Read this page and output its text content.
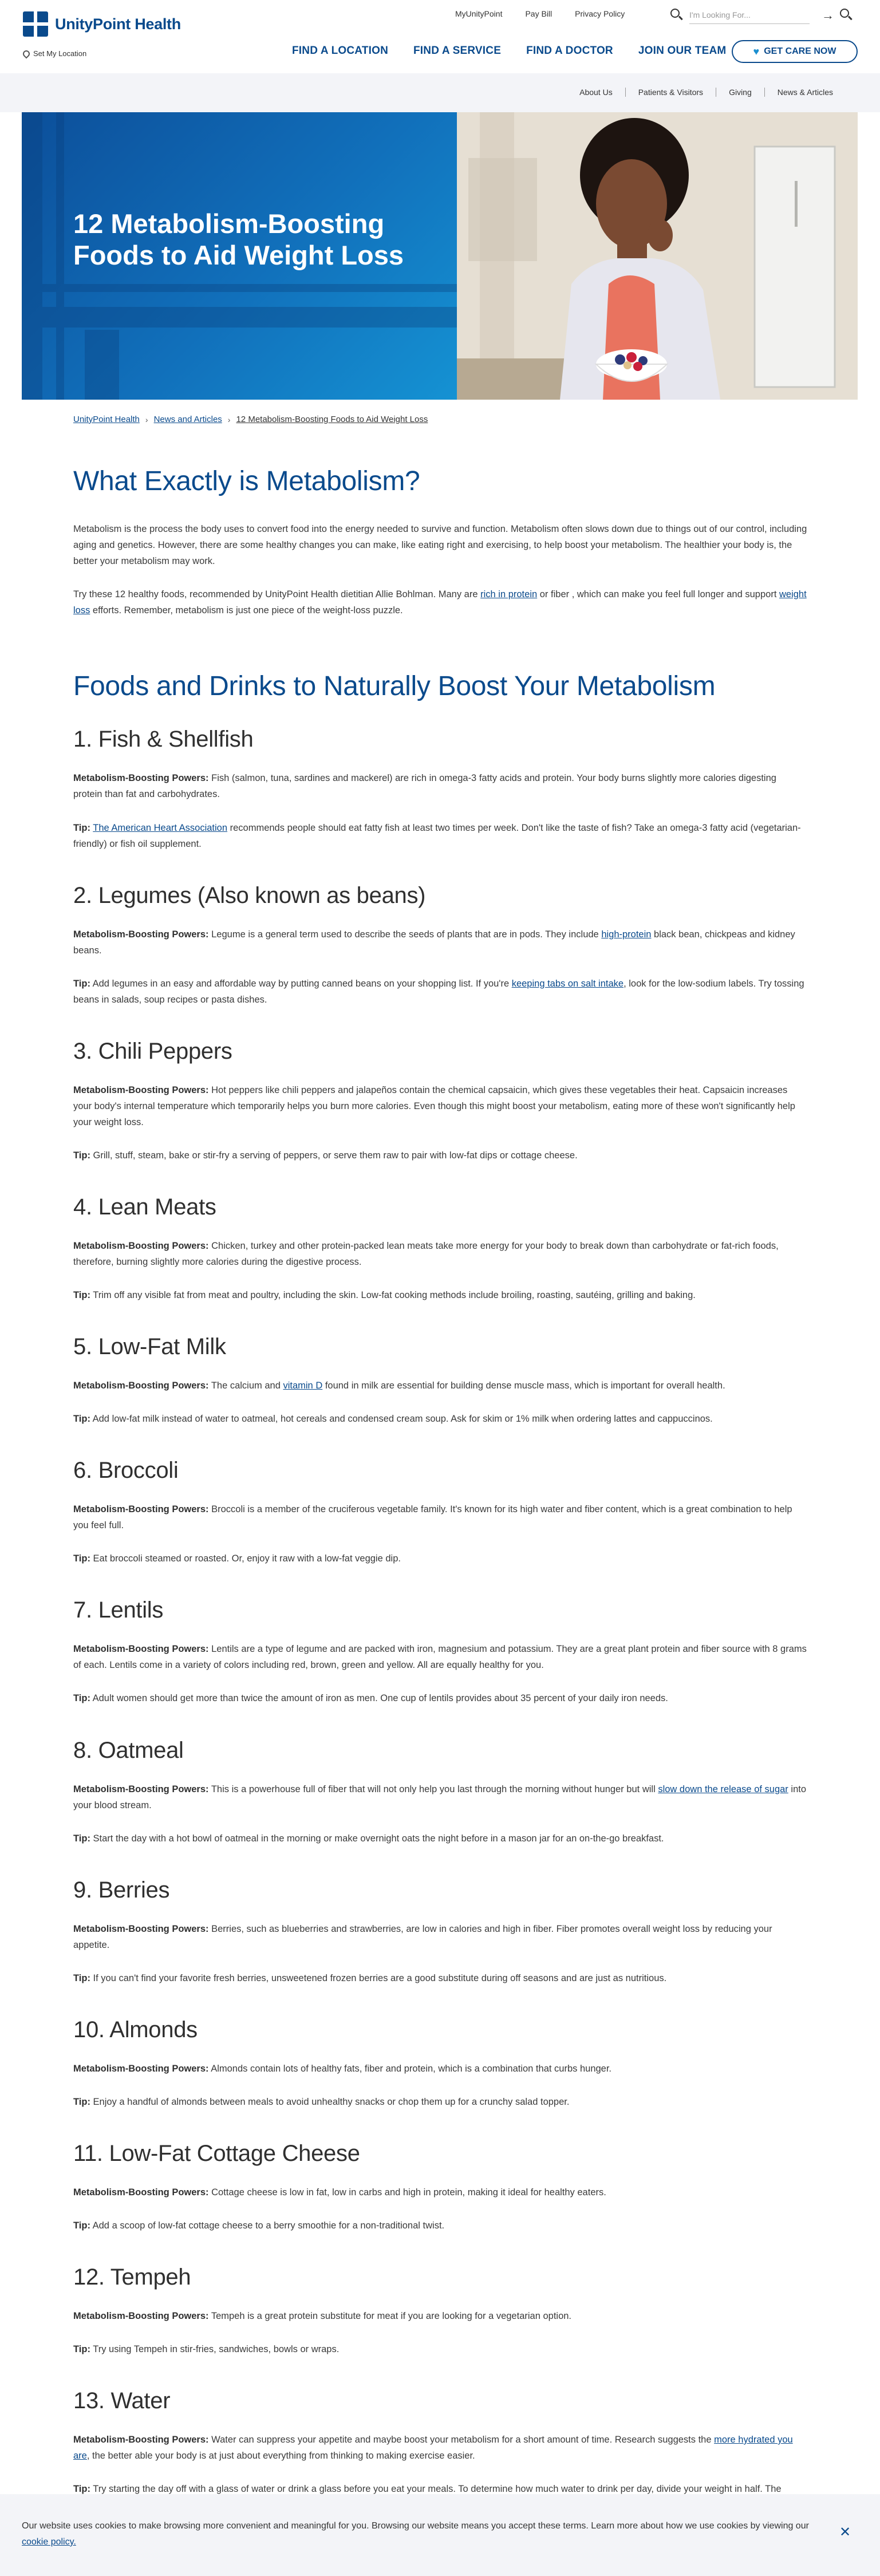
UnityPoint Health
MyUnityPoint	Pay Bill	Privacy Policy
I'm Looking For...	→
Set My Location	FIND A LOCATION FIND A SERVICE FIND A DOCTOR JOIN OUR TEAM	♥ GET CARE NOW
About Us	Patients & Visitors	Giving	News & Articles
12 Metabolism-Boosting Foods to Aid Weight Loss
UnityPoint Health › News and Articles › 12 Metabolism-Boosting Foods to Aid Weight Loss
What Exactly is Metabolism?

Metabolism is the process the body uses to convert food into the energy needed to survive and function. Metabolism often slows down due to things out of our control, including aging and genetics. However, there are some healthy changes you can make, like eating right and exercising, to help boost your metabolism. The healthier your body is, the better your metabolism may work.

Try these 12 healthy foods, recommended by UnityPoint Health dietitian Allie Bohlman. Many are rich in protein or fiber , which can make you feel full longer and support weight loss efforts. Remember, metabolism is just one piece of the weight-loss puzzle.

Foods and Drinks to Naturally Boost Your Metabolism
1. Fish & Shellfish

Metabolism-Boosting Powers: Fish (salmon, tuna, sardines and mackerel) are rich in omega-3 fatty acids and protein. Your body burns slightly more calories digesting protein than fat and carbohydrates.

Tip: The American Heart Association recommends people should eat fatty fish at least two times per week. Don't like the taste of fish? Take an omega-3 fatty acid (vegetarian-friendly) or fish oil supplement.

2. Legumes (Also known as beans)

Metabolism-Boosting Powers: Legume is a general term used to describe the seeds of plants that are in pods. They include high-protein black bean, chickpeas and kidney beans.

Tip: Add legumes in an easy and affordable way by putting canned beans on your shopping list. If you're keeping tabs on salt intake, look for the low-sodium labels. Try tossing beans in salads, soup recipes or pasta dishes.

3. Chili Peppers

Metabolism-Boosting Powers: Hot peppers like chili peppers and jalapeños contain the chemical capsaicin, which gives these vegetables their heat. Capsaicin increases your body's internal temperature which temporarily helps you burn more calories. Even though this might boost your metabolism, eating more of these won't significantly help your weight loss.

Tip: Grill, stuff, steam, bake or stir-fry a serving of peppers, or serve them raw to pair with low-fat dips or cottage cheese.

4. Lean Meats

Metabolism-Boosting Powers: Chicken, turkey and other protein-packed lean meats take more energy for your body to break down than carbohydrate or fat-rich foods, therefore, burning slightly more calories during the digestive process.

Tip: Trim off any visible fat from meat and poultry, including the skin. Low-fat cooking methods include broiling, roasting, sautéing, grilling and baking.

5. Low-Fat Milk

Metabolism-Boosting Powers: The calcium and vitamin D found in milk are essential for building dense muscle mass, which is important for overall health.

Tip: Add low-fat milk instead of water to oatmeal, hot cereals and condensed cream soup. Ask for skim or 1% milk when ordering lattes and cappuccinos.

6. Broccoli

Metabolism-Boosting Powers: Broccoli is a member of the cruciferous vegetable family. It's known for its high water and fiber content, which is a great combination to help you feel full.

Tip: Eat broccoli steamed or roasted. Or, enjoy it raw with a low-fat veggie dip.

7. Lentils

Metabolism-Boosting Powers: Lentils are a type of legume and are packed with iron, magnesium and potassium. They are a great plant protein and fiber source with 8 grams of each. Lentils come in a variety of colors including red, brown, green and yellow. All are equally healthy for you.

Tip: Adult women should get more than twice the amount of iron as men. One cup of lentils provides about 35 percent of your daily iron needs.

8. Oatmeal

Metabolism-Boosting Powers: This is a powerhouse full of fiber that will not only help you last through the morning without hunger but will slow down the release of sugar into your blood stream.

Tip: Start the day with a hot bowl of oatmeal in the morning or make overnight oats the night before in a mason jar for an on-the-go breakfast.

9. Berries

Metabolism-Boosting Powers: Berries, such as blueberries and strawberries, are low in calories and high in fiber. Fiber promotes overall weight loss by reducing your appetite.

Tip: If you can't find your favorite fresh berries, unsweetened frozen berries are a good substitute during off seasons and are just as nutritious.

10. Almonds

Metabolism-Boosting Powers: Almonds contain lots of healthy fats, fiber and protein, which is a combination that curbs hunger.

Tip: Enjoy a handful of almonds between meals to avoid unhealthy snacks or chop them up for a crunchy salad topper.

11. Low-Fat Cottage Cheese

Metabolism-Boosting Powers: Cottage cheese is low in fat, low in carbs and high in protein, making it ideal for healthy eaters.

Tip: Add a scoop of low-fat cottage cheese to a berry smoothie for a non-traditional twist.

12. Tempeh

Metabolism-Boosting Powers: Tempeh is a great protein substitute for meat if you are looking for a vegetarian option.

Tip: Try using Tempeh in stir-fries, sandwiches, bowls or wraps.

13. Water

Metabolism-Boosting Powers: Water can suppress your appetite and maybe boost your metabolism for a short amount of time. Research suggests the more hydrated you are, the better able your body is at just about everything from thinking to making exercise easier.

Tip: Try starting the day off with a glass of water or drink a glass before you eat your meals. To determine how much water to drink per day, divide your weight in half. The

Our website uses cookies to make browsing more convenient and meaningful for you. Browsing our website means you accept these terms. Learn more about how we use cookies by viewing our cookie policy.
✕
